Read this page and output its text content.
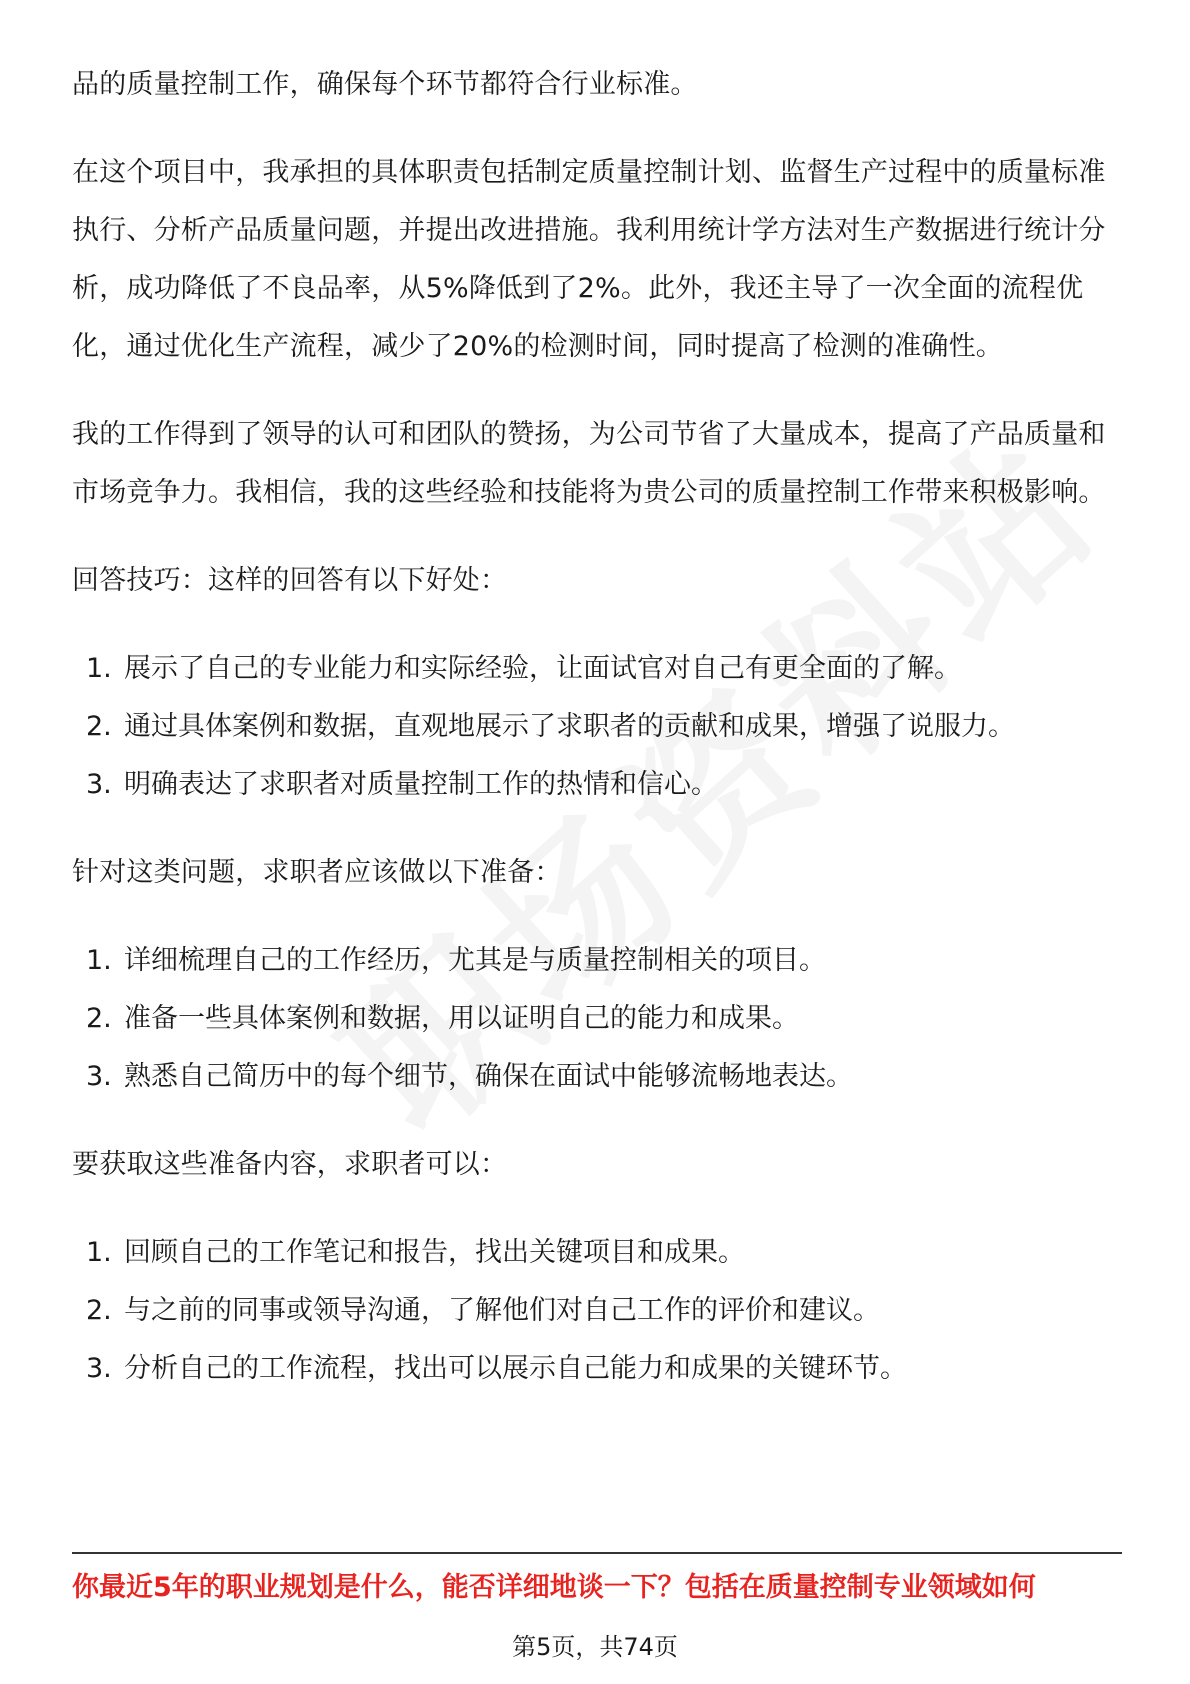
品的质量控制工作，确保每个环节都符合行业标准。

在这个项目中，我承担的具体职责包括制定质量控制计划、监督生产过程中的质量标准执行、分析产品质量问题，并提出改进措施。我利用统计学方法对生产数据进行统计分析，成功降低了不良品率，从5%降低到了2%。此外，我还主导了一次全面的流程优化，通过优化生产流程，减少了20%的检测时间，同时提高了检测的准确性。

我的工作得到了领导的认可和团队的赞扬，为公司节省了大量成本，提高了产品质量和市场竞争力。我相信，我的这些经验和技能将为贵公司的质量控制工作带来积极影响。

回答技巧：这样的回答有以下好处：

1. 展示了自己的专业能力和实际经验，让面试官对自己有更全面的了解。
2. 通过具体案例和数据，直观地展示了求职者的贡献和成果，增强了说服力。
3. 明确表达了求职者对质量控制工作的热情和信心。

针对这类问题，求职者应该做以下准备：

1. 详细梳理自己的工作经历，尤其是与质量控制相关的项目。
2. 准备一些具体案例和数据，用以证明自己的能力和成果。
3. 熟悉自己简历中的每个细节，确保在面试中能够流畅地表达。

要获取这些准备内容，求职者可以：

1. 回顾自己的工作笔记和报告，找出关键项目和成果。
2. 与之前的同事或领导沟通，了解他们对自己工作的评价和建议。
3. 分析自己的工作流程，找出可以展示自己能力和成果的关键环节。
你最近5年的职业规划是什么，能否详细地谈一下？包括在质量控制专业领域如何
第5页，共74页
